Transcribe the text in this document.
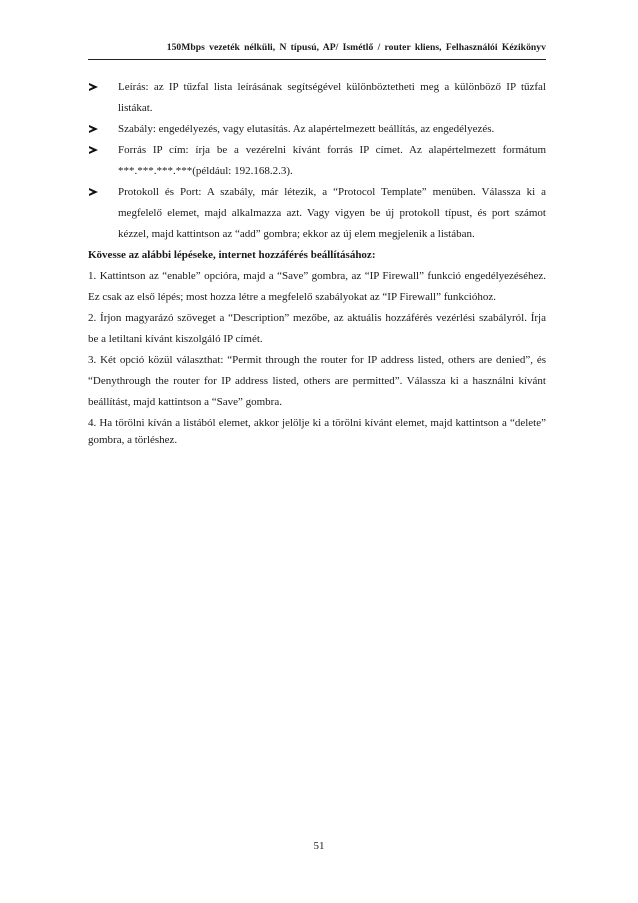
150Mbps vezeték nélküli, N típusú, AP/ Ismétlő / router kliens, Felhasználói Kézikönyv
Leírás: az IP tűzfal lista leírásának segítségével különböztetheti meg a különböző IP tűzfal listákat.
Szabály: engedélyezés, vagy elutasítás. Az alapértelmezett beállítás, az engedélyezés.
Forrás IP cím: írja be a vezérelni kívánt forrás IP címet. Az alapértelmezett formátum ***.***.***.***(például: 192.168.2.3).
Protokoll és Port: A szabály, már létezik, a “Protocol Template” menüben. Válassza ki a megfelelő elemet, majd alkalmazza azt. Vagy vigyen be új protokoll típust, és port számot kézzel, majd kattintson az “add” gombra; ekkor az új elem megjelenik a listában.
Kövesse az alábbi lépéseke, internet hozzáférés beállításához:
1. Kattintson az “enable” opcióra, majd a “Save” gombra, az “IP Firewall” funkció engedélyezéséhez. Ez csak az első lépés; most hozza létre a megfelelő szabályokat az “IP Firewall” funkcióhoz.
2. Írjon magyarázó szöveget a “Description” mezőbe, az aktuális hozzáférés vezérlési szabályról. Írja be a letiltani kívánt kiszolgáló IP címét.
3. Két opció közül választhat: “Permit through the router for IP address listed, others are denied”, és “Denythrough the router for IP address listed, others are permitted”. Válassza ki a használni kívánt beállítást, majd kattintson a “Save” gombra.
4. Ha törölni kíván a listából elemet, akkor jelölje ki a törölni kívánt elemet, majd kattintson a “delete” gombra, a törléshez.
51
